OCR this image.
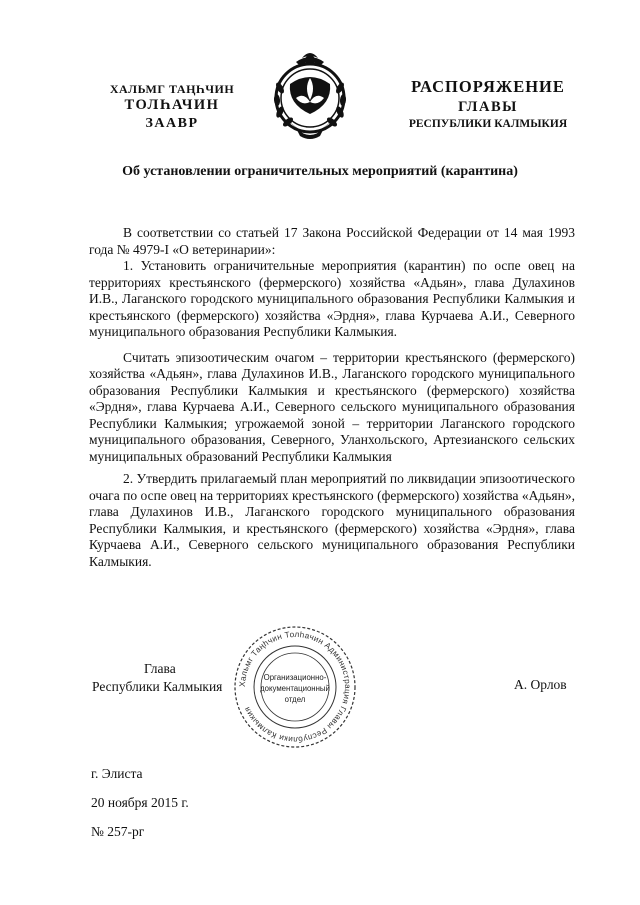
ХАЛЬМГ ТАҢҺЧИН
ТОЛҺАЧИН
ЗААВР
РАСПОРЯЖЕНИЕ
ГЛАВЫ
РЕСПУБЛИКИ КАЛМЫКИЯ
Об установлении ограничительных мероприятий (карантина)

В соответствии со статьей 17 Закона Российской Федерации от 14 мая 1993 года № 4979-I «О ветеринарии»:

1. Установить ограничительные мероприятия (карантин) по оспе овец на территориях крестьянского (фермерского) хозяйства «Адьян», глава Дулахинов И.В., Лаганского городского муниципального образования Республики Калмыкия и крестьянского (фермерского) хозяйства «Эрдня», глава Курчаева А.И., Северного муниципального образования Республики Калмыкия.

Считать эпизоотическим очагом – территории крестьянского (фермерского) хозяйства «Адьян», глава Дулахинов И.В., Лаганского городского муниципального образования Республики Калмыкия и крестьянского (фермерского) хозяйства «Эрдня», глава Курчаева А.И., Северного сельского муниципального образования Республики Калмыкия; угрожаемой зоной – территории Лаганского городского муниципального образования, Северного, Уланхольского, Артезианского сельских муниципальных образований Республики Калмыкия

2. Утвердить прилагаемый план мероприятий по ликвидации эпизоотического очага по оспе овец на территориях крестьянского (фермерского) хозяйства «Адьян», глава Дулахинов И.В., Лаганского городского муниципального образования Республики Калмыкия, и крестьянского (фермерского) хозяйства «Эрдня», глава Курчаева А.И., Северного сельского муниципального образования Республики Калмыкия.

Глава
Республики Калмыкия	Хальмг Таңһчин Толһачин Администрация Главы Республики Калмыкия
Организационно-
документационный
отдел
А. Орлов
г. Элиста
20 ноября 2015 г.
№ 257-рг
